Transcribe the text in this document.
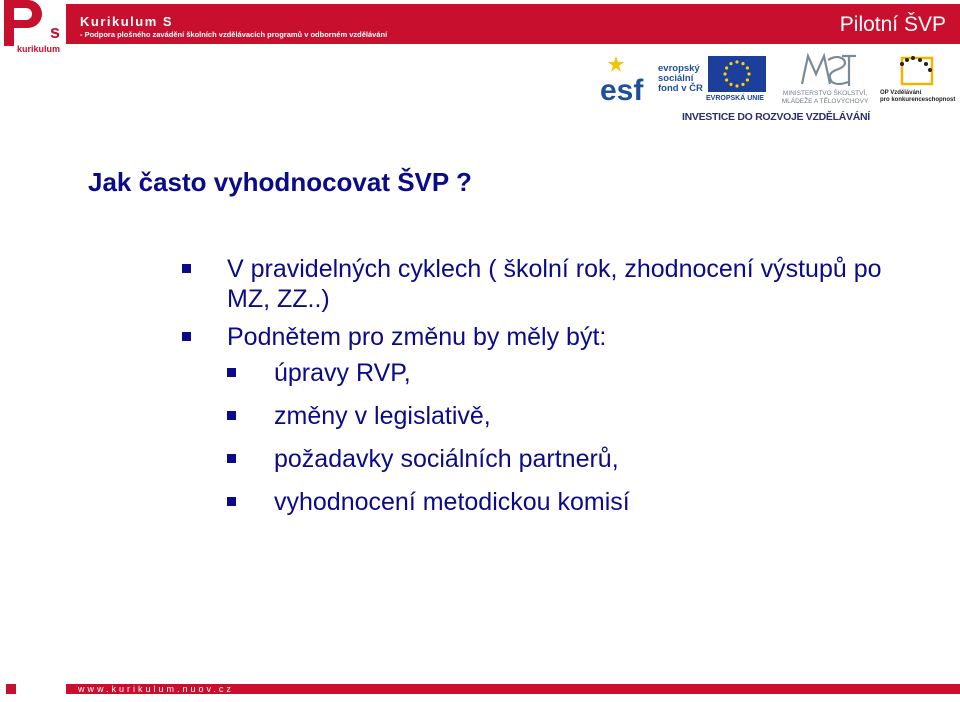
s
kurikulum
Kurikulum S
- Podpora plošného zavádění školních vzdělávacích programů v odborném vzdělávání	Pilotní ŠVP
esf
evropský
sociální
fond v ČR
EVROPSKÁ UNIE
MINISTERSTVO ŠKOLSTVÍ,
MLÁDEŽE A TĚLOVÝCHOVY
OP Vzdělávání
pro konkurenceschopnost
INVESTICE DO ROZVOJE VZDĚLÁVÁNÍ
Jak často vyhodnocovat ŠVP ?
V pravidelných cyklech ( školní rok, zhodnocení výstupů po MZ, ZZ..)
Podnětem pro změnu by měly být:
úpravy RVP,
změny v legislativě,
požadavky sociálních partnerů,
vyhodnocení metodickou komisí
www.kurikulum.nuov.cz
